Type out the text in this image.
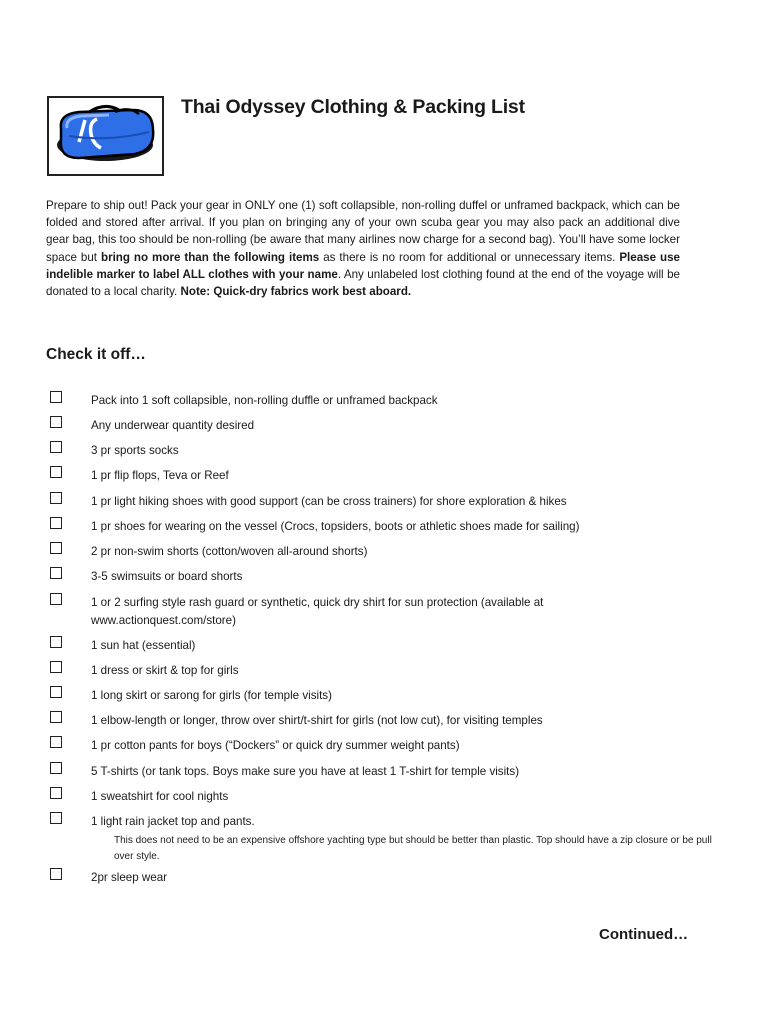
Thai Odyssey Clothing & Packing List
Prepare to ship out! Pack your gear in ONLY one (1) soft collapsible, non-rolling duffel or unframed backpack, which can be folded and stored after arrival. If you plan on bringing any of your own scuba gear you may also pack an additional dive gear bag, this too should be non-rolling (be aware that many airlines now charge for a second bag). You’ll have some locker space but bring no more than the following items as there is no room for additional or unnecessary items. Please use indelible marker to label ALL clothes with your name. Any unlabeled lost clothing found at the end of the voyage will be donated to a local charity. Note: Quick-dry fabrics work best aboard.
Check it off…
Pack into 1 soft collapsible, non-rolling duffle or unframed backpack
Any underwear quantity desired
3 pr sports socks
1 pr flip flops, Teva or Reef
1 pr light hiking shoes with good support (can be cross trainers) for shore exploration & hikes
1 pr shoes for wearing on the vessel (Crocs, topsiders, boots or athletic shoes made for sailing)
2 pr non-swim shorts (cotton/woven all-around shorts)
3-5 swimsuits or board shorts
1 or 2 surfing style rash guard or synthetic, quick dry shirt for sun protection (available at www.actionquest.com/store)
1 sun hat (essential)
1 dress or skirt & top for girls
1 long skirt or sarong for girls (for temple visits)
1 elbow-length or longer, throw over shirt/t-shirt for girls (not low cut), for visiting temples
1 pr cotton pants for boys (“Dockers” or quick dry summer weight pants)
5 T-shirts (or tank tops. Boys make sure you have at least 1 T-shirt for temple visits)
1 sweatshirt for cool nights
1 light rain jacket top and pants.
This does not need to be an expensive offshore yachting type but should be better than plastic. Top should have a zip closure or be pull over style.
2pr sleep wear
Continued…
